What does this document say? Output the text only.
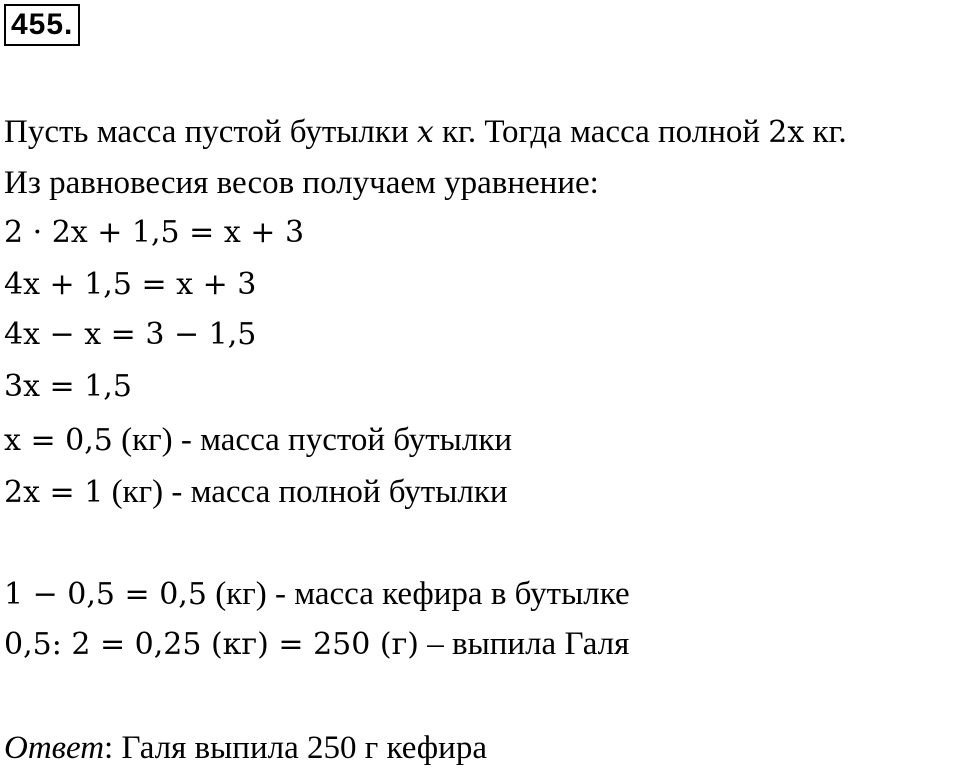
455.
Пусть масса пустой бутылки x кг. Тогда масса полной 2x кг.
Из равновесия весов получаем уравнение:
2 · 2x + 1,5 = x + 3
4x + 1,5 = x + 3
4x − x = 3 − 1,5
3x = 1,5
x = 0,5 (кг) - масса пустой бутылки
2x = 1 (кг) - масса полной бутылки
1 − 0,5 = 0,5 (кг) - масса кефира в бутылке
0,5: 2 = 0,25 (кг) = 250 (г) – выпила Галя
Ответ: Галя выпила 250 г кефира
